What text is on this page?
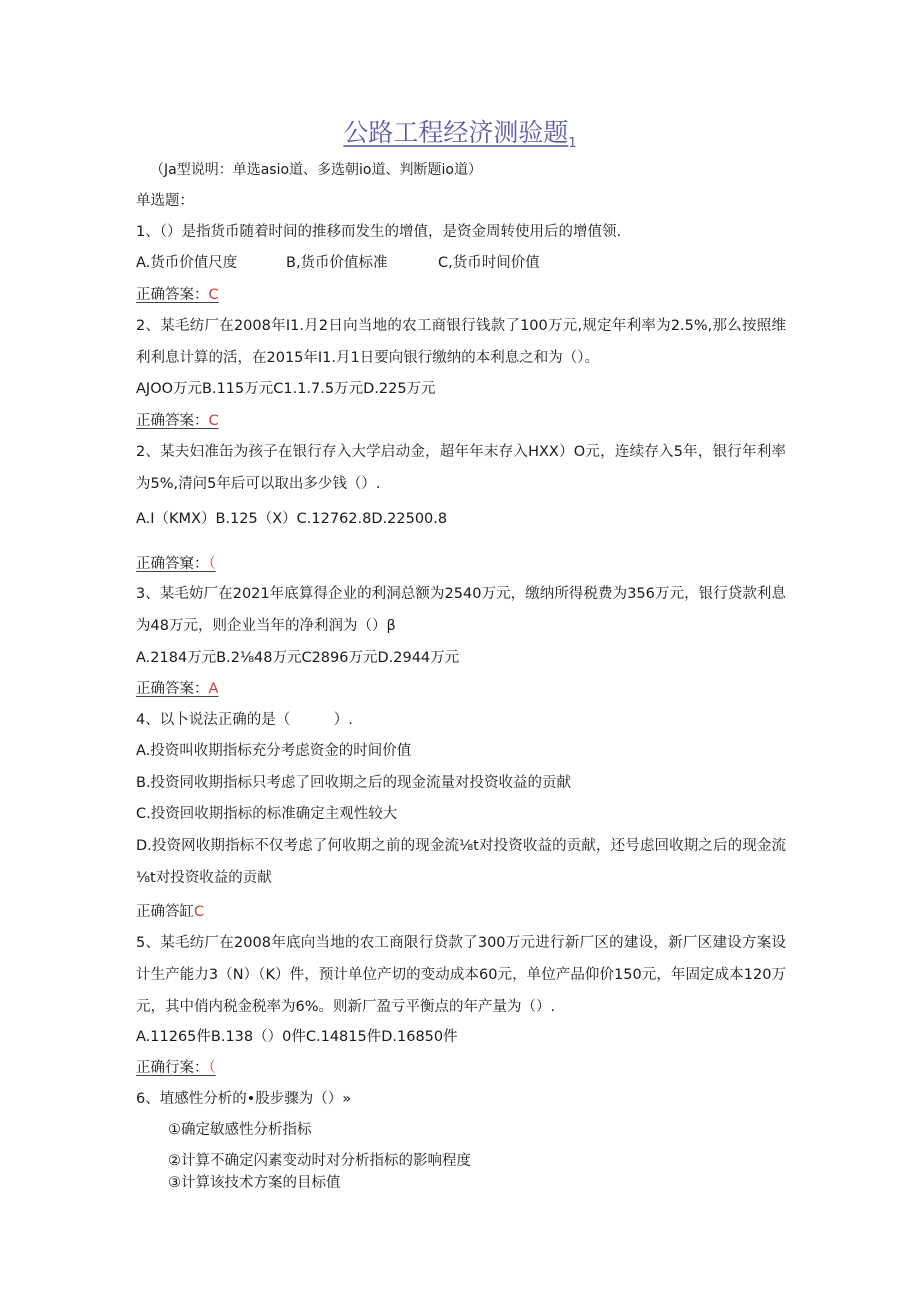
公路工程经济测验题$_1$
（Ja型说明：单选asio道、多选朝io道、判断题io道）
单选题：
1、（）是指货币随着时间的推移而发生的增值，是资金周转使用后的增值领.
A.货币价值尺度	B,货币价值标准	C,货币时间价值
正确答案：C
2、某毛纺厂在2008年I1.月2日向当地的农工商银行钱款了100万元,规定年利率为2.5%,那么按照维利利息计算的活，在2015年I1.月1日要向银行缴纳的本利息之和为（）。
AJOO万元B.115万元C1.1.7.5万元D.225万元
正确答案：C
2、某夫妇准缶为孩子在银行存入大学启动金，超年年末存入HXX）O元，连续存入5年，银行年利率为5%,清问5年后可以取出多少钱（）.
A.I（KMX）B.125（X）C.12762.8D.22500.8
正确答窠：（
3、某毛妨厂在2021年底算得企业的利洞总额为2540万元，缴纳所得税费为356万元，银行贷款利息为48万元，则企业当年的净利润为（）β
A.2184万元B.2⅛48万元C2896万元D.2944万元
正确答案：A
4、以卜说法正确的是（　　　）.
A.投资叫收期指标充分考虑资金的时间价值
B.投资同收期指标只考虑了回收期之后的现金流量对投资收益的贡献
C.投资回收期指标的标准确定主观性较大
D.投资网收期指标不仅考虑了何收期之前的现金流⅛t对投资收益的贡献，还号虑回收期之后的现金流⅛t对投资收益的贡献
正确答缸C
5、某毛纺厂在2008年底向当地的农工商限行贷款了300万元进行新厂区的建设，新厂区建设方案设计生产能力3（N）（K）件，预计单位产切的变动成本60元，单位产品仰价150元，年固定成本120万元，其中俏内税金税率为6%。则新厂盈亏平衡点的年产量为（）.
A.11265件B.138（）0件C.14815件D.16850件
正确行案：（
6、埴感性分析的•股步骤为（）»
①确定敏感性分析指标
②计算不确定闪素变动时对分析指标的影响程度
③计算该技术方案的目标值
